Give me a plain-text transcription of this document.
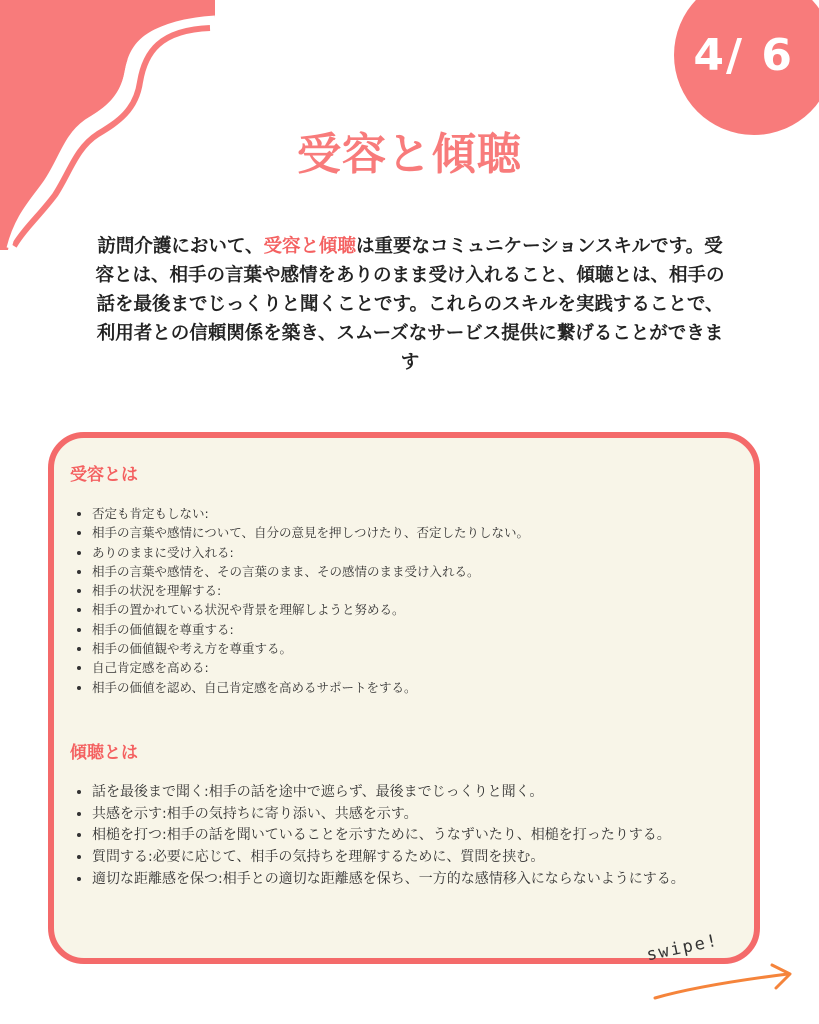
4/ 6
受容と傾聴
訪問介護において、受容と傾聴は重要なコミュニケーションスキルです。受容とは、相手の言葉や感情をありのまま受け入れること、傾聴とは、相手の話を最後までじっくりと聞くことです。これらのスキルを実践することで、利用者との信頼関係を築き、スムーズなサービス提供に繋げることができます
受容とは
• 否定も肯定もしない:
• 相手の言葉や感情について、自分の意見を押しつけたり、否定したりしない。
• ありのままに受け入れる:
• 相手の言葉や感情を、その言葉のまま、その感情のまま受け入れる。
• 相手の状況を理解する:
• 相手の置かれている状況や背景を理解しようと努める。
• 相手の価値観を尊重する:
• 相手の価値観や考え方を尊重する。
• 自己肯定感を高める:
• 相手の価値を認め、自己肯定感を高めるサポートをする。
傾聴とは
• 話を最後まで聞く:相手の話を途中で遮らず、最後までじっくりと聞く。
• 共感を示す:相手の気持ちに寄り添い、共感を示す。
• 相槌を打つ:相手の話を聞いていることを示すために、うなずいたり、相槌を打ったりする。
• 質問する:必要に応じて、相手の気持ちを理解するために、質問を挟む。
• 適切な距離感を保つ:相手との適切な距離感を保ち、一方的な感情移入にならないようにする。
swipe!
